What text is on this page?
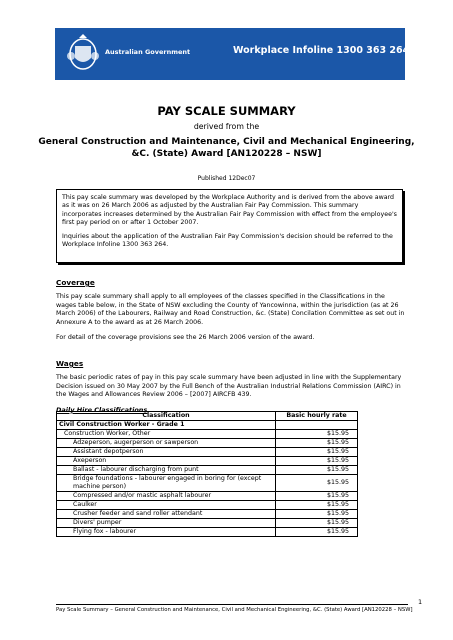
Australian Government	Workplace Infoline 1300 363 264
PAY SCALE SUMMARY
derived from the
General Construction and Maintenance, Civil and Mechanical Engineering, &C. (State) Award [AN120228 – NSW]
Published 12Dec07

This pay scale summary was developed by the Workplace Authority and is derived from the above award as it was on 26 March 2006 as adjusted by the Australian Fair Pay Commission. This summary incorporates increases determined by the Australian Fair Pay Commission with effect from the employee's first pay period on or after 1 October 2007.

Inquiries about the application of the Australian Fair Pay Commission's decision should be referred to the Workplace Infoline 1300 363 264.

Coverage
This pay scale summary shall apply to all employees of the classes specified in the Classifications in the wages table below, in the State of NSW excluding the County of Yancowinna, within the jurisdiction (as at 26 March 2006) of the Labourers, Railway and Road Construction, &c. (State) Concilation Committee as set out in Annexure A to the award as at 26 March 2006.
For detail of the coverage provisions see the 26 March 2006 version of the award.
Wages
The basic periodic rates of pay in this pay scale summary have been adjusted in line with the Supplementary Decision issued on 30 May 2007 by the Full Bench of the Australian Industrial Relations Commission (AIRC) in the Wages and Allowances Review 2006 – [2007] AIRCFB 439.
Daily Hire Classifications
Classification	Basic hourly rate
Civil Construction Worker - Grade 1	
Construction Worker, Other	$15.95
Adzeperson, augerperson or sawperson	$15.95
Assistant depotperson	$15.95
Axeperson	$15.95
Ballast - labourer discharging from punt	$15.95
Bridge foundations - labourer engaged in boring for (except machine person)	$15.95
Compressed and/or mastic asphalt labourer	$15.95
Caulker	$15.95
Crusher feeder and sand roller attendant	$15.95
Divers' pumper	$15.95
Flying fox - labourer	$15.95
1
Pay Scale Summary – General Construction and Maintenance, Civil and Mechanical Engineering, &C. (State) Award [AN120228 – NSW]
